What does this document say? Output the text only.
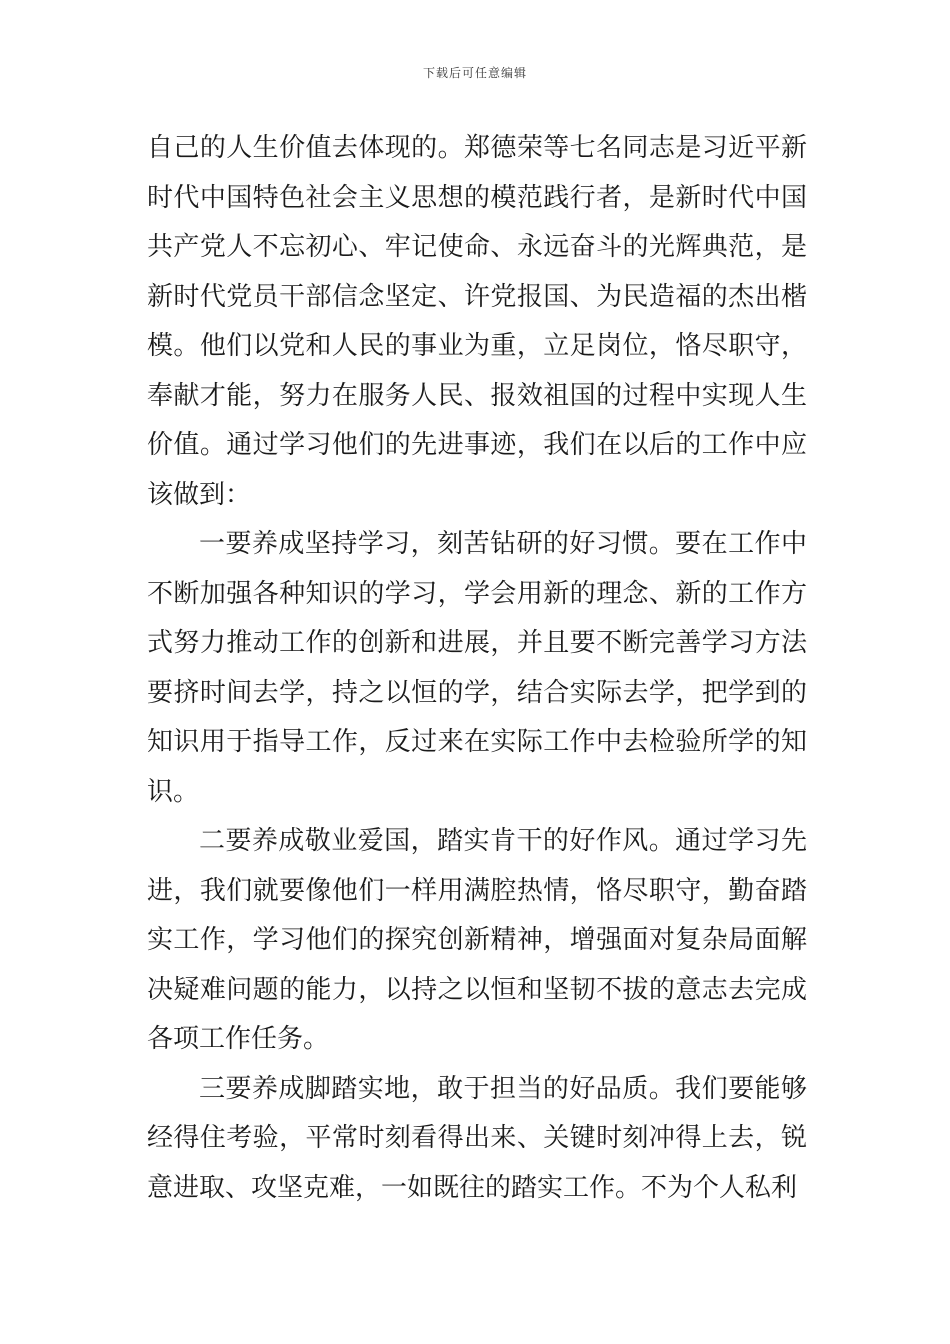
下载后可任意编辑

自己的人生价值去体现的。郑德荣等七名同志是习近平新时代中国特色社会主义思想的模范践行者，是新时代中国共产党人不忘初心、牢记使命、永远奋斗的光辉典范，是新时代党员干部信念坚定、许党报国、为民造福的杰出楷模。他们以党和人民的事业为重，立足岗位，恪尽职守，奉献才能，努力在服务人民、报效祖国的过程中实现人生价值。通过学习他们的先进事迹，我们在以后的工作中应该做到：

一要养成坚持学习，刻苦钻研的好习惯。要在工作中不断加强各种知识的学习，学会用新的理念、新的工作方式努力推动工作的创新和进展，并且要不断完善学习方法要挤时间去学，持之以恒的学，结合实际去学，把学到的知识用于指导工作，反过来在实际工作中去检验所学的知识。

二要养成敬业爱国，踏实肯干的好作风。通过学习先进，我们就要像他们一样用满腔热情，恪尽职守，勤奋踏实工作，学习他们的探究创新精神，增强面对复杂局面解决疑难问题的能力，以持之以恒和坚韧不拔的意志去完成各项工作任务。

三要养成脚踏实地，敢于担当的好品质。我们要能够经得住考验，平常时刻看得出来、关键时刻冲得上去，锐意进取、攻坚克难，一如既往的踏实工作。不为个人私利
